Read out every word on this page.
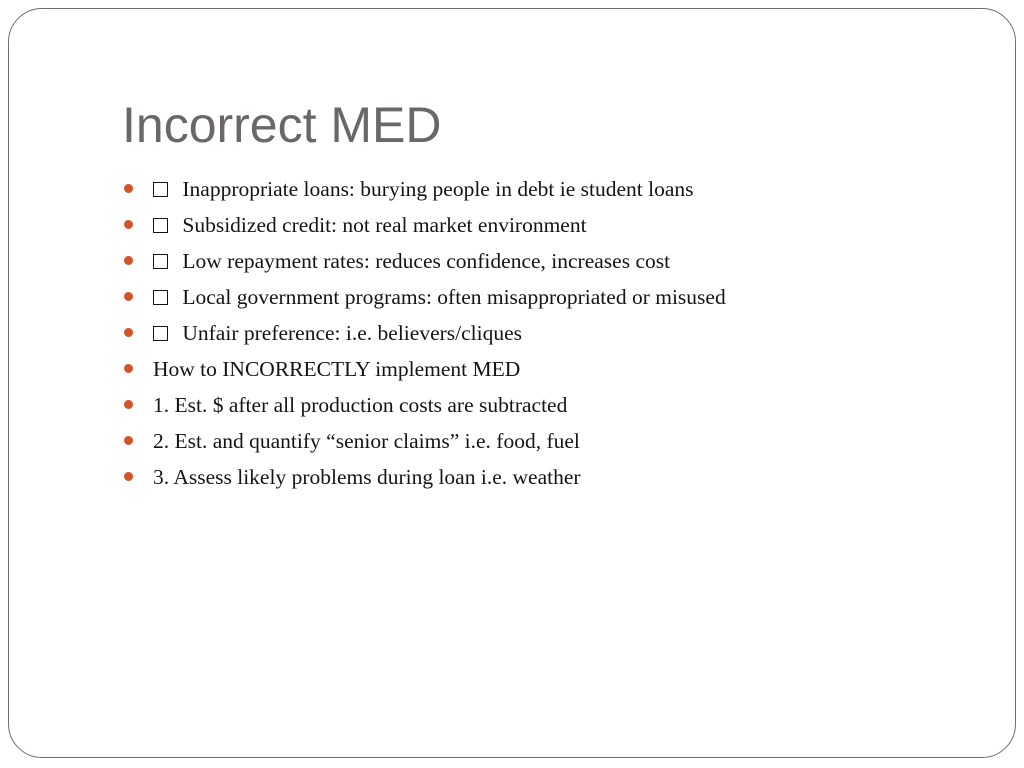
Incorrect MED
Inappropriate loans: burying people in debt ie student loans
Subsidized credit: not real market environment
Low repayment rates: reduces confidence, increases cost
Local government programs: often misappropriated or misused
Unfair preference: i.e. believers/cliques
How to INCORRECTLY implement MED
1. Est. $ after all production costs are subtracted
2. Est. and quantify “senior claims” i.e. food, fuel
3. Assess likely problems during loan i.e. weather
